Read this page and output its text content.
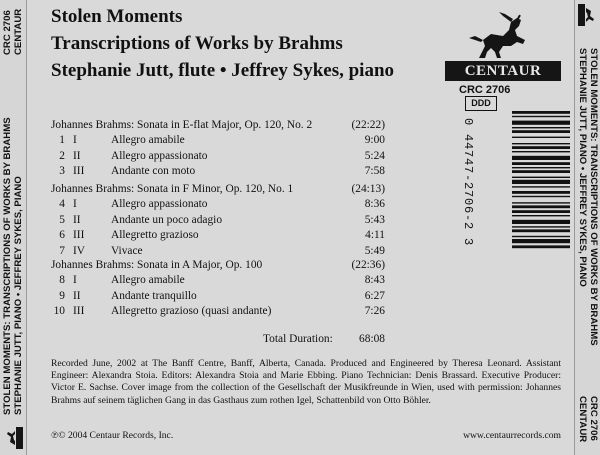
STOLEN MOMENTS: TRANSCRIPTIONS OF WORKS BY BRAHMS STEPHANIE JUTT, PIANO • JEFFREY SYKES, PIANO
CRC 2706 CENTAUR
STOLEN MOMENTS: TRANSCRIPTIONS OF WORKS BY BRAHMS
STEPHANIE JUTT, PIANO • JEFFREY SYKES, PIANO
CRC 2706
CENTAUR
Stolen Moments
Transcriptions of Works by Brahms
Stephanie Jutt, flute • Jeffrey Sykes, piano	CENTAUR
CRC 2706
DDD
0 44747-2706-2 3
Johannes Brahms: Sonata in E-flat Major, Op. 120, No. 2	(22:22)
1 I	Allegro amabile	9:00
2 II	Allegro appassionato	5:24
3 III Andante con moto	7:58
Johannes Brahms: Sonata in F Minor, Op. 120, No. 1	(24:13)
4 I	Allegro appassionato	8:36
5 II	Andante un poco adagio	5:43
6 III Allegretto grazioso	4:11
7 IV Vivace	5:49
Johannes Brahms: Sonata in A Major, Op. 100	(22:36)
8 I	Allegro amabile	8:43
9 II	Andante tranquillo	6:27
10 III Allegretto grazioso (quasi andante)	7:26
Total Duration: 68:08
Recorded June, 2002 at The Banff Centre, Banff, Alberta, Canada. Produced and Engineered by Theresa Leonard. Assistant Engineer: Alexandra Stoia. Editors: Alexandra Stoia and Marie Ebbing. Piano Technician: Denis Brassard. Executive Producer: Victor E. Sachse. Cover image from the collection of the Gesellschaft der Musikfreunde in Wien, used with permission: Johannes Brahms auf seinem täglichen Gang in das Gasthaus zum rothen Igel, Schattenbild von Otto Böhler.
℗© 2004 Centaur Records, Inc.	www.centaurrecords.com
